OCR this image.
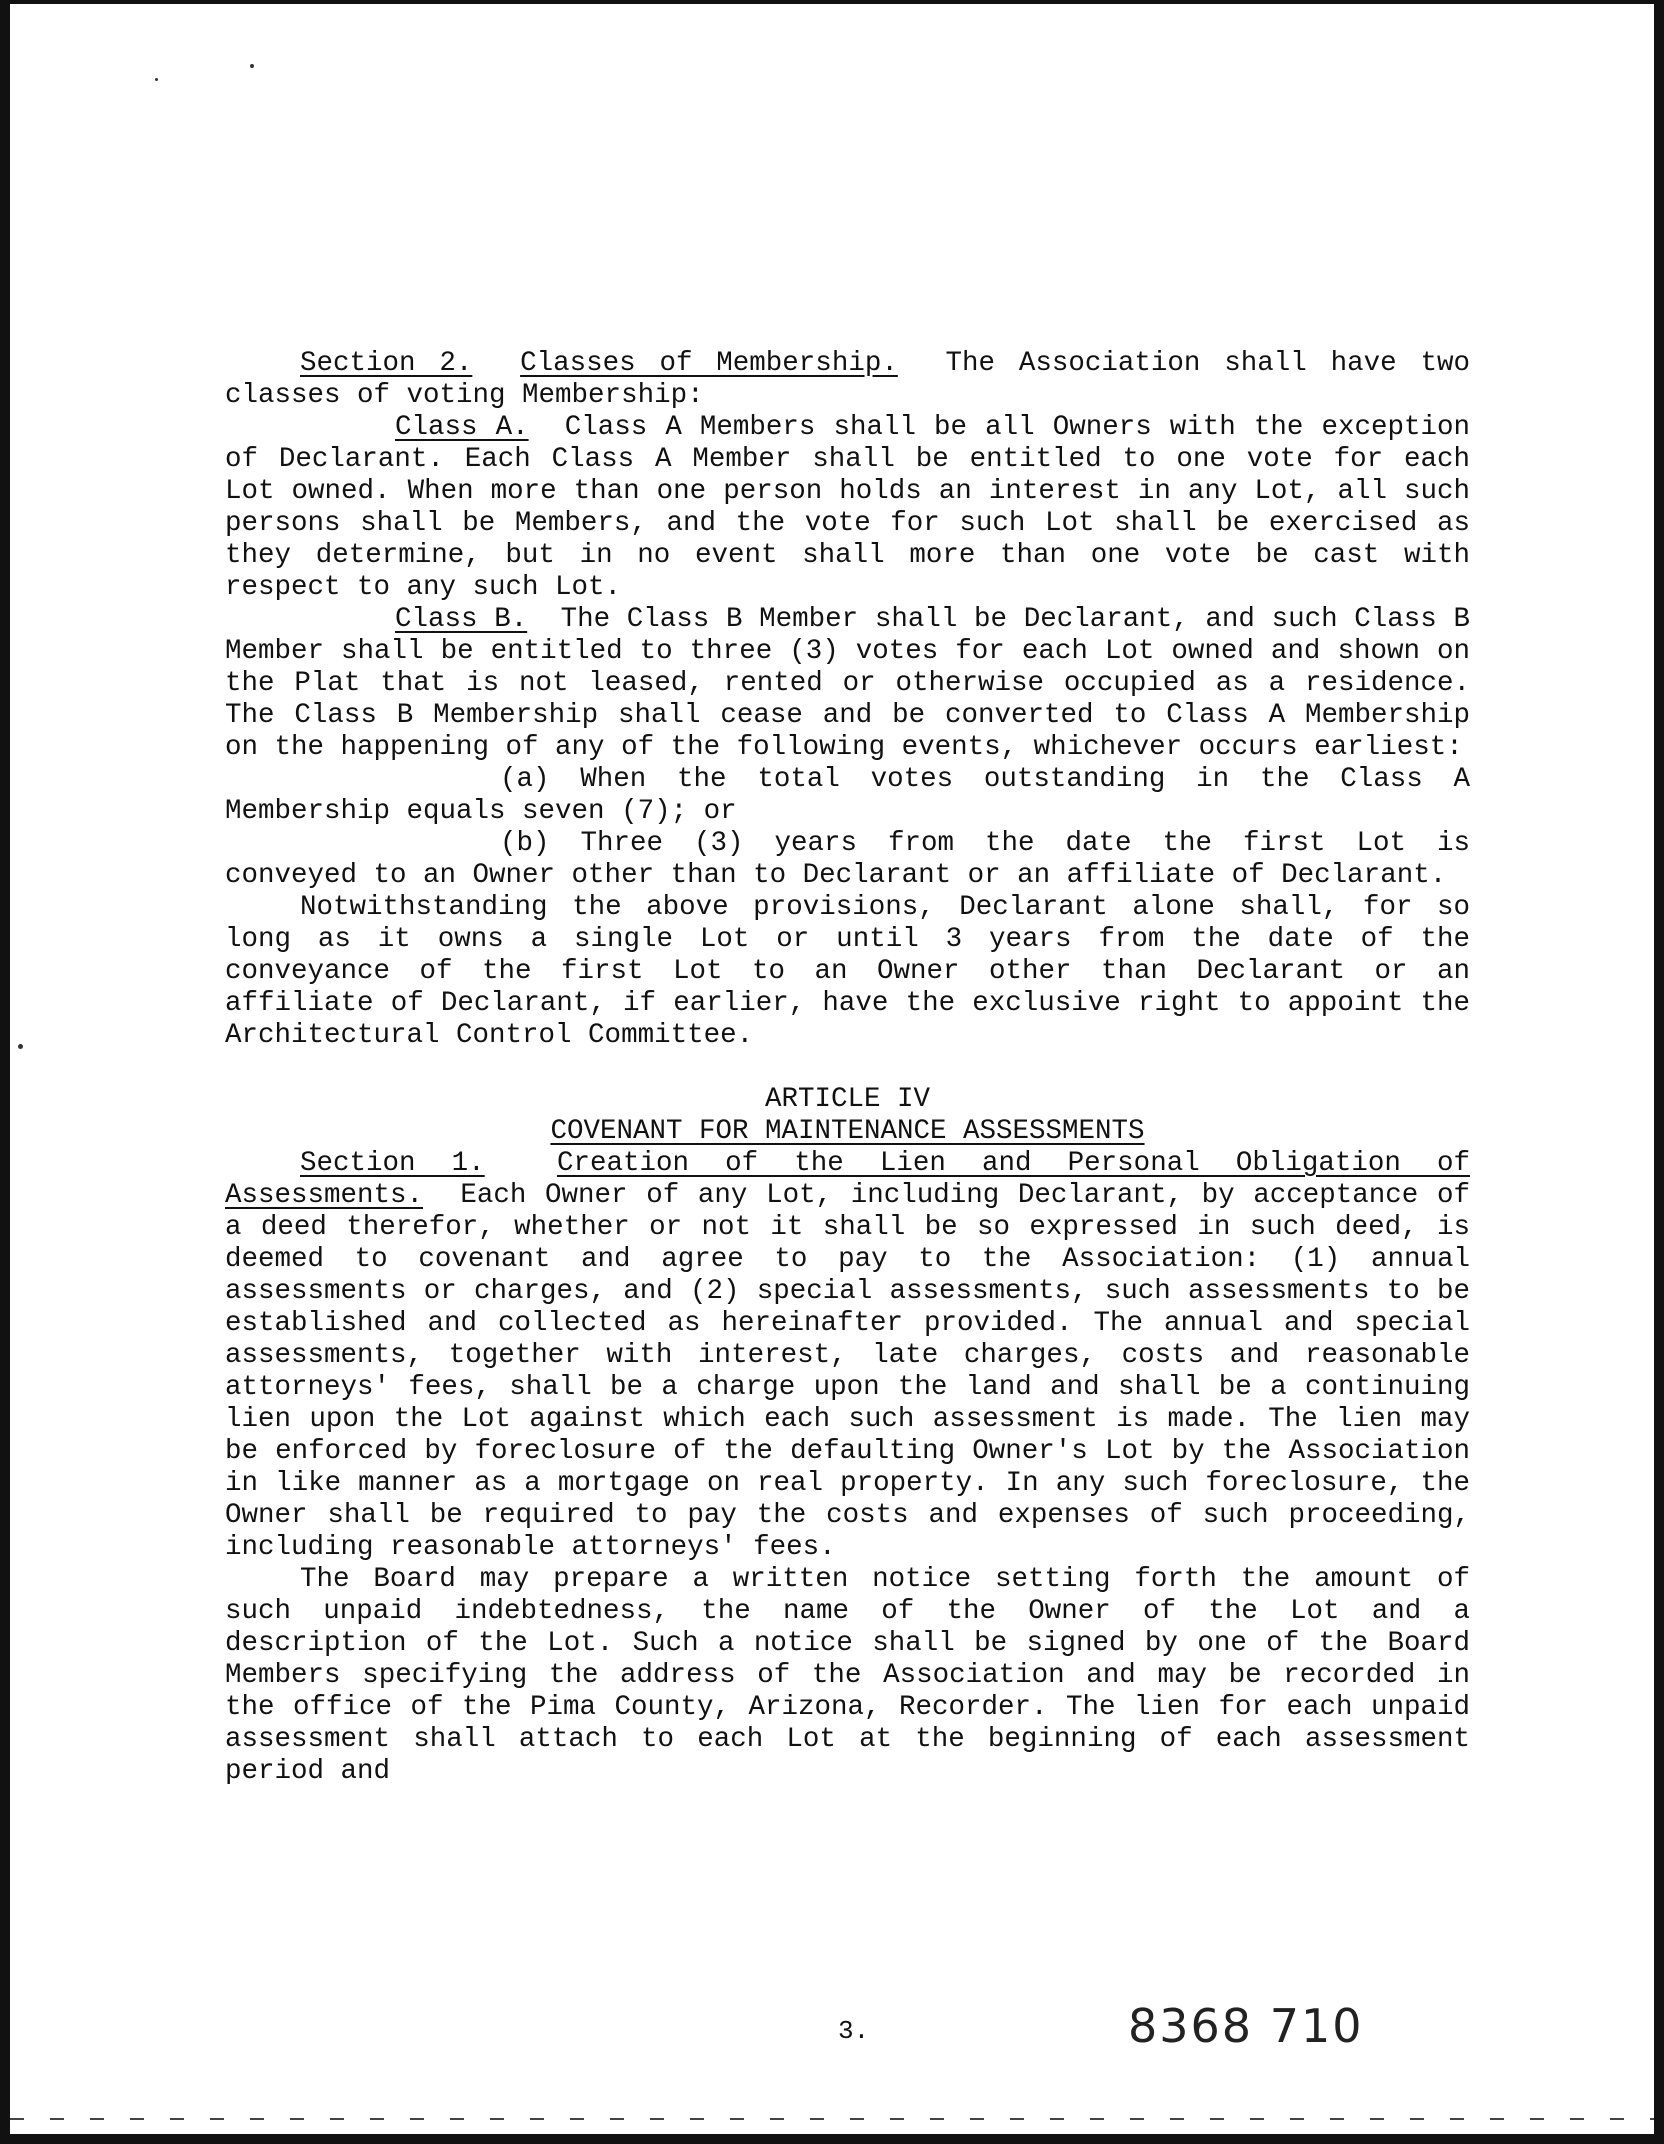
Section 2. Classes of Membership. The Association shall have two classes of voting Membership:

Class A. Class A Members shall be all Owners with the exception of Declarant. Each Class A Member shall be entitled to one vote for each Lot owned. When more than one person holds an interest in any Lot, all such persons shall be Members, and the vote for such Lot shall be exercised as they determine, but in no event shall more than one vote be cast with respect to any such Lot.

Class B. The Class B Member shall be Declarant, and such Class B Member shall be entitled to three (3) votes for each Lot owned and shown on the Plat that is not leased, rented or otherwise occupied as a residence. The Class B Membership shall cease and be converted to Class A Membership on the happening of any of the following events, whichever occurs earliest:

(a) When the total votes outstanding in the Class A Membership equals seven (7); or

(b) Three (3) years from the date the first Lot is conveyed to an Owner other than to Declarant or an affiliate of Declarant.

Notwithstanding the above provisions, Declarant alone shall, for so long as it owns a single Lot or until 3 years from the date of the conveyance of the first Lot to an Owner other than Declarant or an affiliate of Declarant, if earlier, have the exclusive right to appoint the Architectural Control Committee.

ARTICLE IV

COVENANT FOR MAINTENANCE ASSESSMENTS

Section 1.	Creation of the Lien and Personal Obligation of Assessments. Each Owner of any Lot, including Declarant, by acceptance of a deed therefor, whether or not it shall be so expressed in such deed, is deemed to covenant and agree to pay to the Association: (1) annual assessments or charges, and (2) special assessments, such assessments to be established and collected as hereinafter provided. The annual and special assessments, together with interest, late charges, costs and reasonable attorneys' fees, shall be a charge upon the land and shall be a continuing lien upon the Lot against which each such assessment is made. The lien may be enforced by foreclosure of the defaulting Owner's Lot by the Association in like manner as a mortgage on real property. In any such foreclosure, the Owner shall be required to pay the costs and expenses of such proceeding, including reasonable attorneys' fees.

The Board may prepare a written notice setting forth the amount of such unpaid indebtedness, the name of the Owner of the Lot and a description of the Lot. Such a notice shall be signed by one of the Board Members specifying the address of the Association and may be recorded in the office of the Pima County, Arizona, Recorder. The lien for each unpaid assessment shall attach to each Lot at the beginning of each assessment period and

3.	8368 710
